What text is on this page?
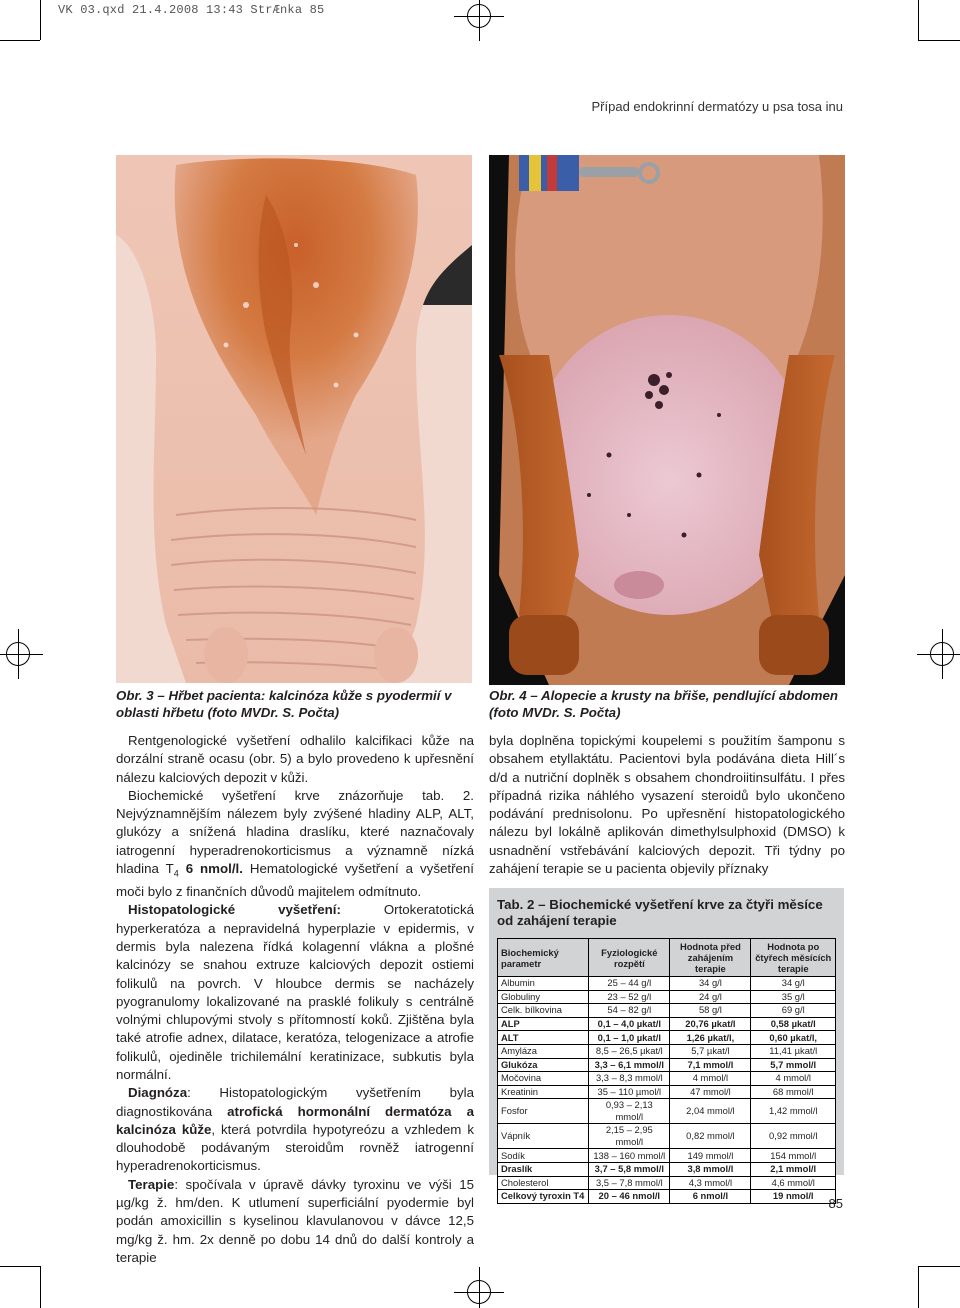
VK 03.qxd 21.4.2008 13:43 StrÆnka 85
Případ endokrinní dermatózy u psa tosa inu
Obr. 3 – Hřbet pacienta: kalcinóza kůže s pyodermií v oblasti hřbetu (foto MVDr. S. Počta)
Obr. 4 – Alopecie a krusty na břiše, pendlující abdomen (foto MVDr. S. Počta)

Rentgenologické vyšetření odhalilo kalcifikaci kůže na dorzální straně ocasu (obr. 5) a bylo provedeno k upřesnění nálezu kalciových depozit v kůži.

Biochemické vyšetření krve znázorňuje tab. 2. Nejvýznamnějším nálezem byly zvýšené hladiny ALP, ALT, glukózy a snížená hladina draslíku, které naznačovaly iatrogenní hyperadrenokorticismus a významně nízká hladina $T_4$ 6 nmol/l. Hematologické vyšetření a vyšetření moči bylo z finančních důvodů majitelem odmítnuto.

Histopatologické vyšetření: Ortokeratotická hyperkeratóza a nepravidelná hyperplazie v epidermis, v dermis byla nalezena řídká kolagenní vlákna a plošné kalcinózy se snahou extruze kalciových depozit ostiemi folikulů na povrch. V hloubce dermis se nacházely pyogranulomy lokalizované na prasklé folikuly s centrálně volnými chlupovými stvoly s přítomností koků. Zjištěna byla také atrofie adnex, dilatace, keratóza, telogenizace a atrofie folikulů, ojediněle trichilemální keratinizace, subkutis byla normální.

Diagnóza: Histopatologickým vyšetřením byla diagnostikována atrofická hormonální dermatóza a kalcinóza kůže, která potvrdila hypotyreózu a vzhledem k dlouhodobě podávaným steroidům rovněž iatrogenní hyperadrenokorticismus.

Terapie: spočívala v úpravě dávky tyroxinu ve výši 15 µg/kg ž. hm/den. K utlumení superficiální pyodermie byl podán amoxicillin s kyselinou klavulanovou v dávce 12,5 mg/kg ž. hm. 2x denně po dobu 14 dnů do další kontroly a terapie

byla doplněna topickými koupelemi s použitím šamponu s obsahem etyllaktátu. Pacientovi byla podávána dieta Hill´s d/d a nutriční doplněk s obsahem chondroiitinsulfátu. I přes případná rizika náhlého vysazení steroidů bylo ukončeno podávání prednisolonu. Po upřesnění histopatologického nálezu byl lokálně aplikován dimethylsulphoxid (DMSO) k usnadnění vstřebávání kalciových depozit. Tři týdny po zahájení terapie se u pacienta objevily příznaky

Tab. 2 – Biochemické vyšetření krve za čtyři měsíce od zahájení terapie
Biochemický parametr	Fyziologické rozpětí	Hodnota před zahájením terapie	Hodnota po čtyřech měsících terapie
Albumin	25 – 44 g/l	34 g/l	34 g/l
Globuliny	23 – 52 g/l	24 g/l	35 g/l
Celk. bílkovina	54 – 82 g/l	58 g/l	69 g/l
ALP	0,1 – 4,0 µkat/l	20,76 µkat/l	0,58 µkat/l
ALT	0,1 – 1,0 µkat/l	1,26 µkat/l,	0,60 µkat/l,
Amyláza	8,5 – 26,5 µkat/l	5,7 µkat/l	11,41 µkat/l
Glukóza	3,3 – 6,1 mmol/l	7,1 mmol/l	5,7 mmol/l
Močovina	3,3 – 8,3 mmol/l	4 mmol/l	4 mmol/l
Kreatinin	35 – 110 µmol/l	47 mmol/l	68 mmol/l
Fosfor	0,93 – 2,13 mmol/l	2,04 mmol/l	1,42 mmol/l
Vápník	2,15 – 2,95 mmol/l	0,82 mmol/l	0,92 mmol/l
Sodík	138 – 160 mmol/l	149 mmol/l	154 mmol/l
Draslík	3,7 – 5,8 mmol/l	3,8 mmol/l	2,1 mmol/l
Cholesterol	3,5 – 7,8 mmol/l	4,3 mmol/l	4,6 mmol/l
Celkový tyroxin T4	20 – 46 nmol/l	6 nmol/l	19 nmol/l
85
